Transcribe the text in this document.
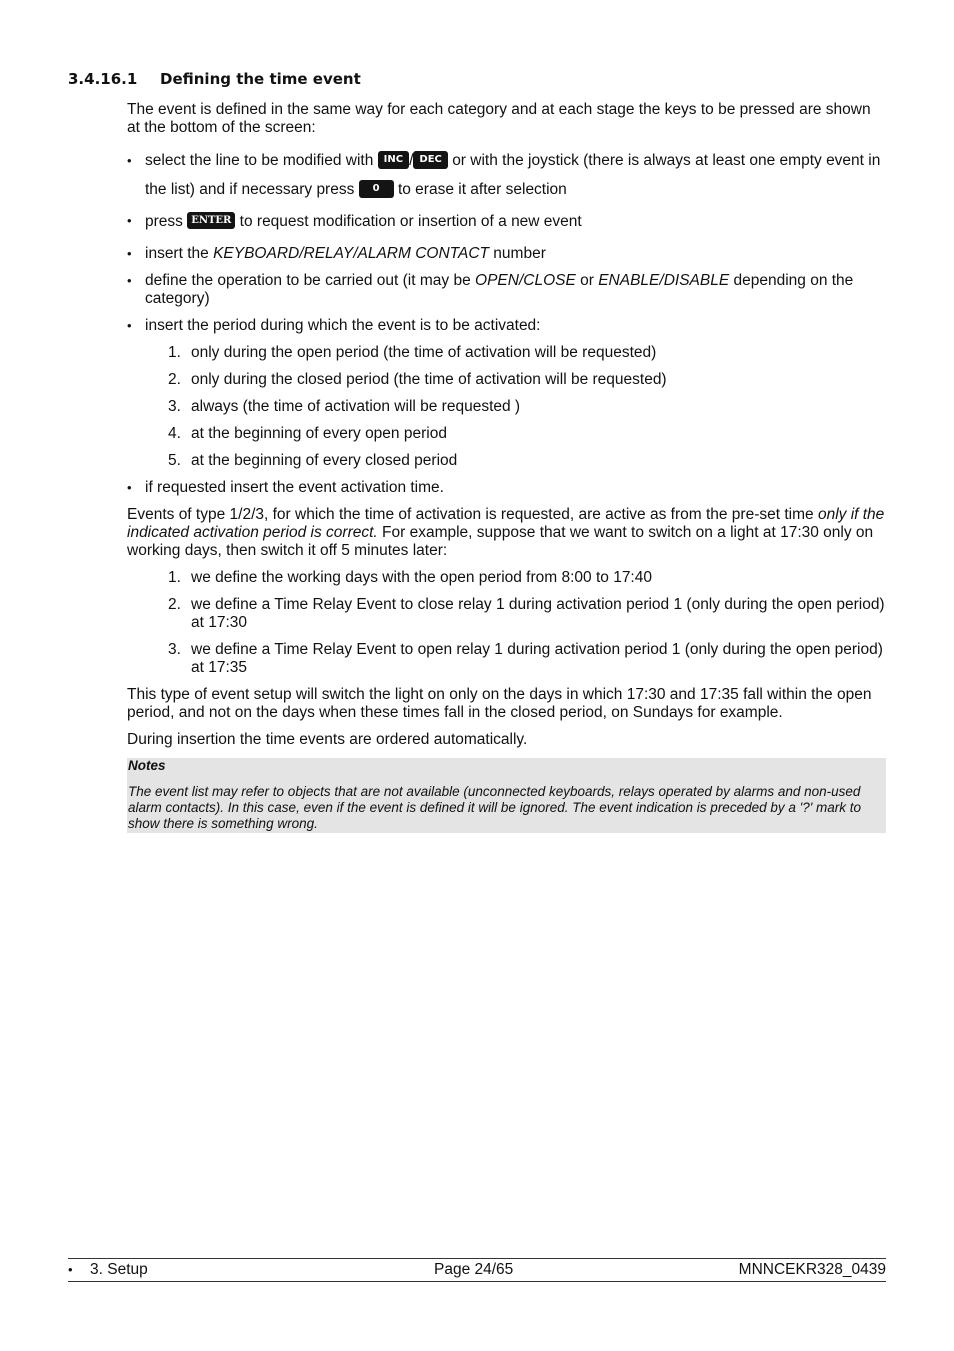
3.4.16.1 Defining the time event

The event is defined in the same way for each category and at each stage the keys to be pressed are shown at the bottom of the screen:

• select the line to be modified with INC / DEC or with the joystick (there is always at least one empty event in the list) and if necessary press 0 to erase it after selection
• press ENTER to request modification or insertion of a new event
• insert the KEYBOARD/RELAY/ALARM CONTACT number
• define the operation to be carried out (it may be OPEN/CLOSE or ENABLE/DISABLE depending on the category)
• insert the period during which the event is to be activated:
1. only during the open period (the time of activation will be requested)
2. only during the closed period (the time of activation will be requested)
3. always (the time of activation will be requested )
4. at the beginning of every open period
5. at the beginning of every closed period
• if requested insert the event activation time.

Events of type 1/2/3, for which the time of activation is requested, are active as from the pre-set time only if the indicated activation period is correct. For example, suppose that we want to switch on a light at 17:30 only on working days, then switch it off 5 minutes later:

1. we define the working days with the open period from 8:00 to 17:40
2. we define a Time Relay Event to close relay 1 during activation period 1 (only during the open period) at 17:30
3. we define a Time Relay Event to open relay 1 during activation period 1 (only during the open period) at 17:35

This type of event setup will switch the light on only on the days in which 17:30 and 17:35 fall within the open period, and not on the days when these times fall in the closed period, on Sundays for example.

During insertion the time events are ordered automatically.

Notes
The event list may refer to objects that are not available (unconnected keyboards, relays operated by alarms and non-used alarm contacts). In this case, even if the event is defined it will be ignored. The event indication is preceded by a '?' mark to show there is something wrong.
• 3. Setup	Page 24/65	MNNCEKR328_0439
